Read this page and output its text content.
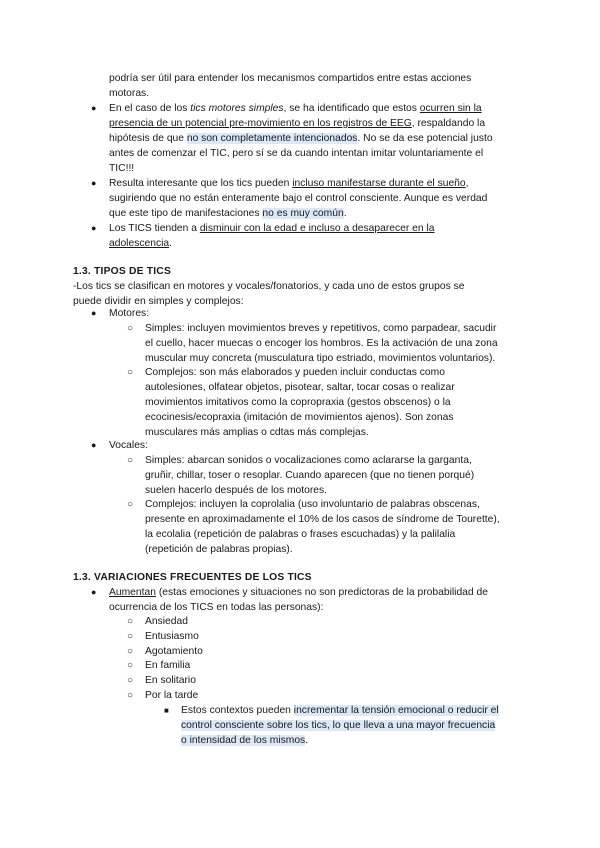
podría ser útil para entender los mecanismos compartidos entre estas acciones
motoras.
● En el caso de los tics motores simples, se ha identificado que estos ocurren sin la
presencia de un potencial pre-movimiento en los registros de EEG, respaldando la
hipótesis de que no son completamente intencionados. No se da ese potencial justo
antes de comenzar el TIC, pero sí se da cuando intentan imitar voluntariamente el
TIC!!!
● Resulta interesante que los tics pueden incluso manifestarse durante el sueño,
sugiriendo que no están enteramente bajo el control consciente. Aunque es verdad
que este tipo de manifestaciones no es muy común.
● Los TICS tienden a disminuir con la edad e incluso a desaparecer en la
adolescencia.
1.3. TIPOS DE TICS
-Los tics se clasifican en motores y vocales/fonatorios, y cada uno de estos grupos se
puede dividir en simples y complejos:
● Motores:
○ Simples: incluyen movimientos breves y repetitivos, como parpadear, sacudir
el cuello, hacer muecas o encoger los hombros. Es la activación de una zona
muscular muy concreta (musculatura tipo estriado, movimientos voluntarios).
○ Complejos: son más elaborados y pueden incluir conductas como
autolesiones, olfatear objetos, pisotear, saltar, tocar cosas o realizar
movimientos imitativos como la copropraxia (gestos obscenos) o la
ecocinesis/ecopraxia (imitación de movimientos ajenos). Son zonas
musculares más amplias o cdtas más complejas.
● Vocales:
○ Simples: abarcan sonidos o vocalizaciones como aclararse la garganta,
gruñir, chillar, toser o resoplar. Cuando aparecen (que no tienen porqué)
suelen hacerlo después de los motores.
○ Complejos: incluyen la coprolalia (uso involuntario de palabras obscenas,
presente en aproximadamente el 10% de los casos de síndrome de Tourette),
la ecolalia (repetición de palabras o frases escuchadas) y la palilalia
(repetición de palabras propias).
1.3. VARIACIONES FRECUENTES DE LOS TICS
● Aumentan (estas emociones y situaciones no son predictoras de la probabilidad de
ocurrencia de los TICS en todas las personas):
○ Ansiedad
○ Entusiasmo
○ Agotamiento
○ En familia
○ En solitario
○ Por la tarde
■ Estos contextos pueden incrementar la tensión emocional o reducir el
control consciente sobre los tics, lo que lleva a una mayor frecuencia
o intensidad de los mismos.
